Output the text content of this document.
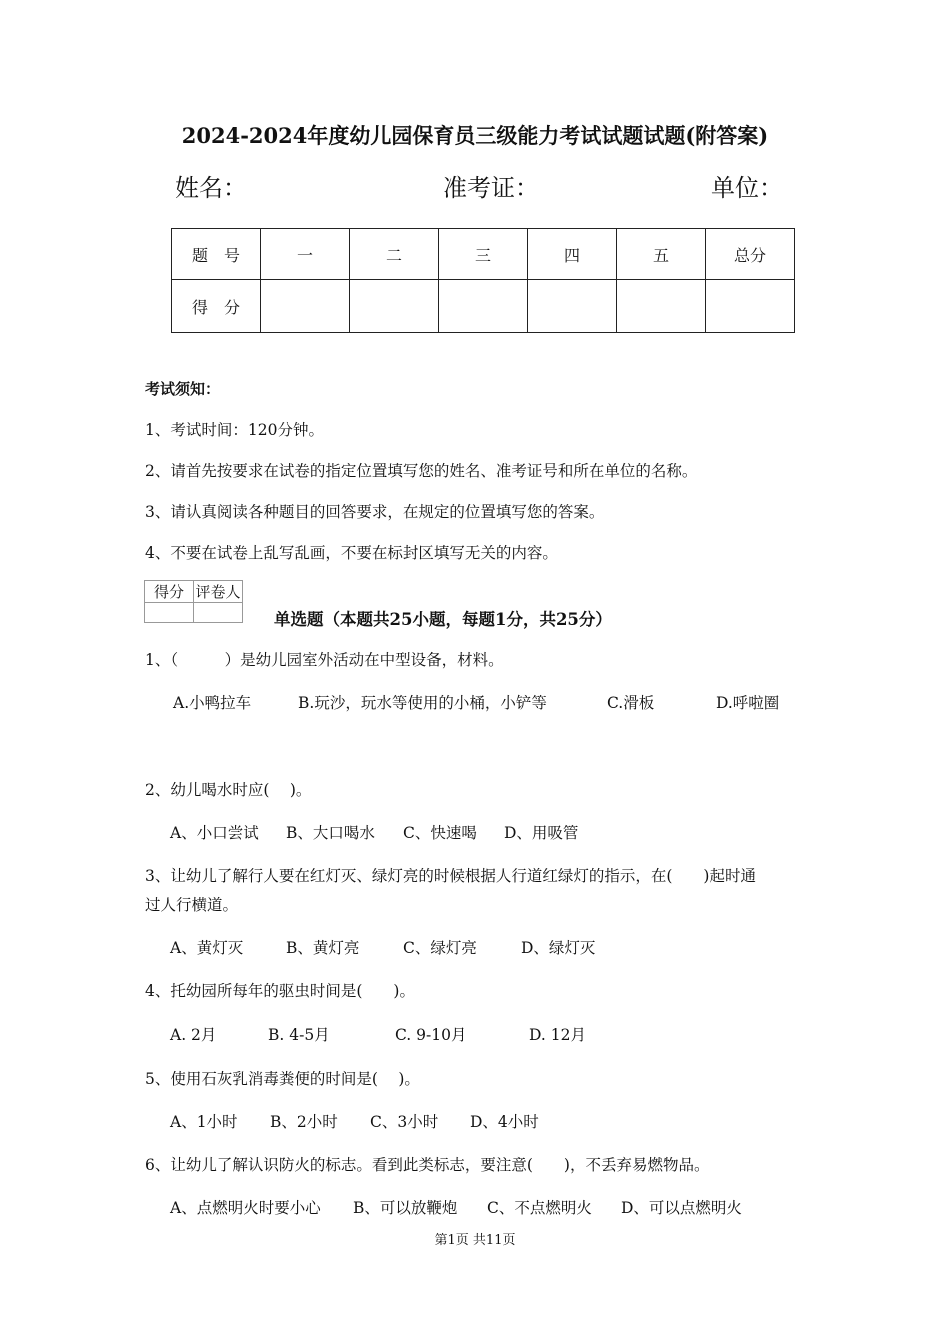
2024-2024年度幼儿园保育员三级能力考试试题试题(附答案)
姓名：	准考证：	单位：
题　号	一	二	三	四	五	总分
得　分						
考试须知：
1、考试时间：120分钟。
2、请首先按要求在试卷的指定位置填写您的姓名、准考证号和所在单位的名称。
3、请认真阅读各种题目的回答要求，在规定的位置填写您的答案。
4、不要在试卷上乱写乱画，不要在标封区填写无关的内容。
得分	评卷人

单选题（本题共25小题，每题1分，共25分）
1、（　　　）是幼儿园室外活动在中型设备，材料。
A.小鸭拉车	B.玩沙，玩水等使用的小桶，小铲等	C.滑板	D.呼啦圈
2、幼儿喝水时应(　 )。
A、小口尝试 B、大口喝水 C、快速喝 D、用吸管
3、让幼儿了解行人要在红灯灭、绿灯亮的时候根据人行道红绿灯的指示，在(　　)起时通
过人行横道。
A、黄灯灭	B、黄灯亮	C、绿灯亮	D、绿灯灭
4、托幼园所每年的驱虫时间是(　　)。
A. 2月	B. 4-5月	C. 9-10月	D. 12月
5、使用石灰乳消毒粪便的时间是(　 )。
A、1小时 B、2小时 C、3小时 D、4小时
6、让幼儿了解认识防火的标志。看到此类标志，要注意(　　)，不丢弃易燃物品。
A、点燃明火时要小心 B、可以放鞭炮 C、不点燃明火 D、可以点燃明火
第1页 共11页
